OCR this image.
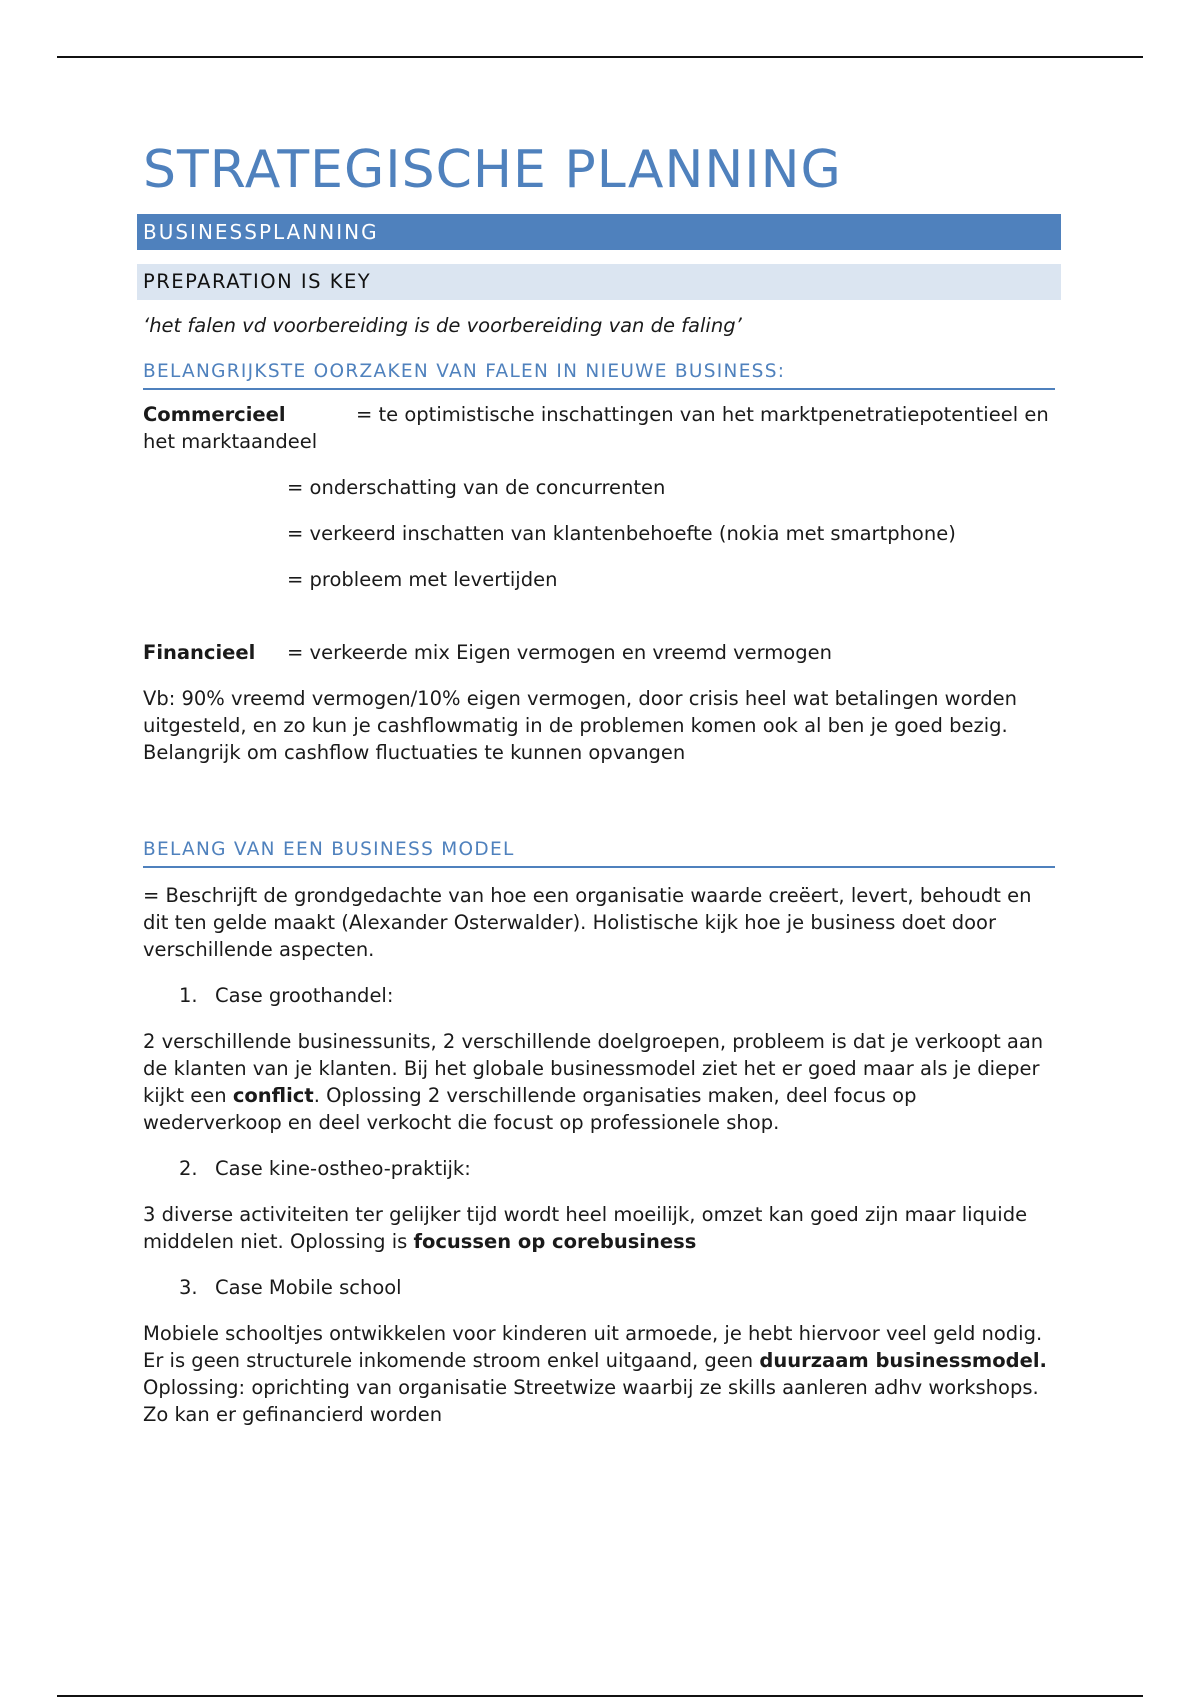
STRATEGISCHE PLANNING
BUSINESSPLANNING
PREPARATION IS KEY

‘het falen vd voorbereiding is de voorbereiding van de faling’

BELANGRIJKSTE OORZAKEN VAN FALEN IN NIEUWE BUSINESS:

Commercieel	= te optimistische inschattingen van het marktpenetratiepotentieel en het marktaandeel

= onderschatting van de concurrenten

= verkeerd inschatten van klantenbehoefte (nokia met smartphone)

= probleem met levertijden

Financieel = verkeerde mix Eigen vermogen en vreemd vermogen

Vb: 90% vreemd vermogen/10% eigen vermogen, door crisis heel wat betalingen worden uitgesteld, en zo kun je cashflowmatig in de problemen komen ook al ben je goed bezig. Belangrijk om cashflow fluctuaties te kunnen opvangen

BELANG VAN EEN BUSINESS MODEL

= Beschrijft de grondgedachte van hoe een organisatie waarde creëert, levert, behoudt en dit ten gelde maakt (Alexander Osterwalder). Holistische kijk hoe je business doet door verschillende aspecten.

1. Case groothandel:

2 verschillende businessunits, 2 verschillende doelgroepen, probleem is dat je verkoopt aan de klanten van je klanten. Bij het globale businessmodel ziet het er goed maar als je dieper kijkt een conflict. Oplossing 2 verschillende organisaties maken, deel focus op wederverkoop en deel verkocht die focust op professionele shop.

2. Case kine-ostheo-praktijk:

3 diverse activiteiten ter gelijker tijd wordt heel moeilijk, omzet kan goed zijn maar liquide middelen niet. Oplossing is focussen op corebusiness

3. Case Mobile school

Mobiele schooltjes ontwikkelen voor kinderen uit armoede, je hebt hiervoor veel geld nodig. Er is geen structurele inkomende stroom enkel uitgaand, geen duurzaam businessmodel. Oplossing: oprichting van organisatie Streetwize waarbij ze skills aanleren adhv workshops. Zo kan er gefinancierd worden
